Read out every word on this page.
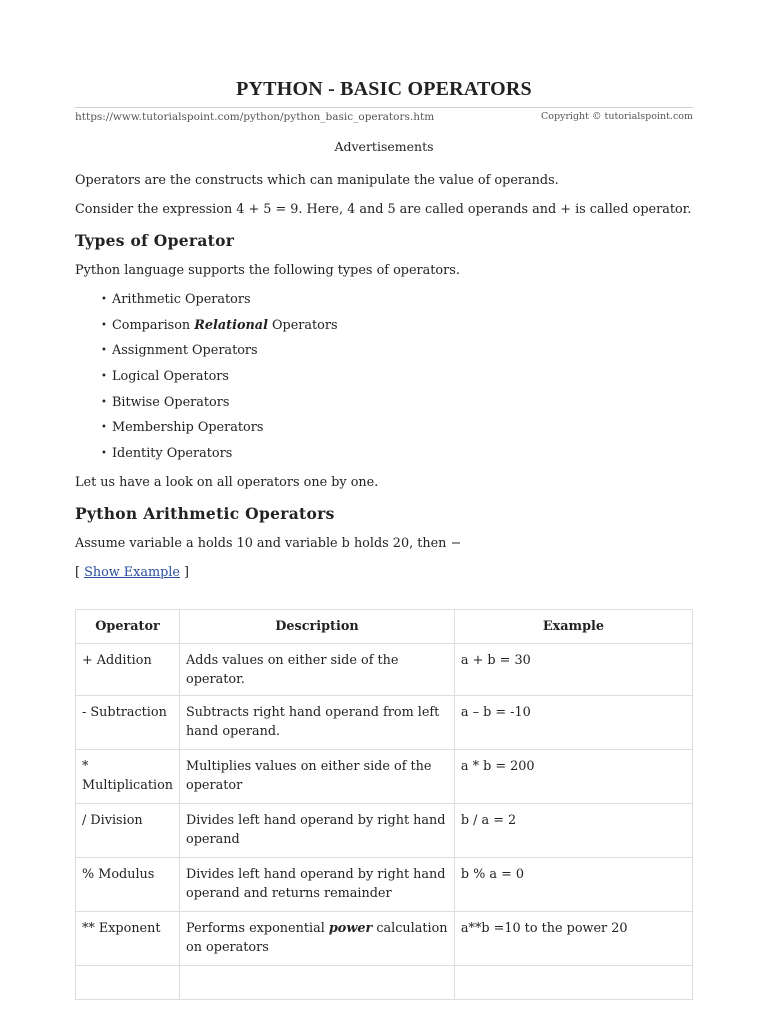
PYTHON - BASIC OPERATORS
https://www.tutorialspoint.com/python/python_basic_operators.htm	Copyright © tutorialspoint.com
Advertisements
Operators are the constructs which can manipulate the value of operands.
Consider the expression 4 + 5 = 9. Here, 4 and 5 are called operands and + is called operator.
Types of Operator
Python language supports the following types of operators.
• Arithmetic Operators
• Comparison Relational Operators
• Assignment Operators
• Logical Operators
• Bitwise Operators
• Membership Operators
• Identity Operators
Let us have a look on all operators one by one.
Python Arithmetic Operators
Assume variable a holds 10 and variable b holds 20, then −
[ Show Example ]
Operator	Description	Example
+ Addition	Adds values on either side of the operator.	a + b = 30
- Subtraction	Subtracts right hand operand from left hand operand.	a – b = -10
* Multiplication	Multiplies values on either side of the operator	a * b = 200
/ Division	Divides left hand operand by right hand operand	b / a = 2
% Modulus	Divides left hand operand by right hand operand and returns remainder	b % a = 0
** Exponent	Performs exponential power calculation on operators	a**b =10 to the power 20
